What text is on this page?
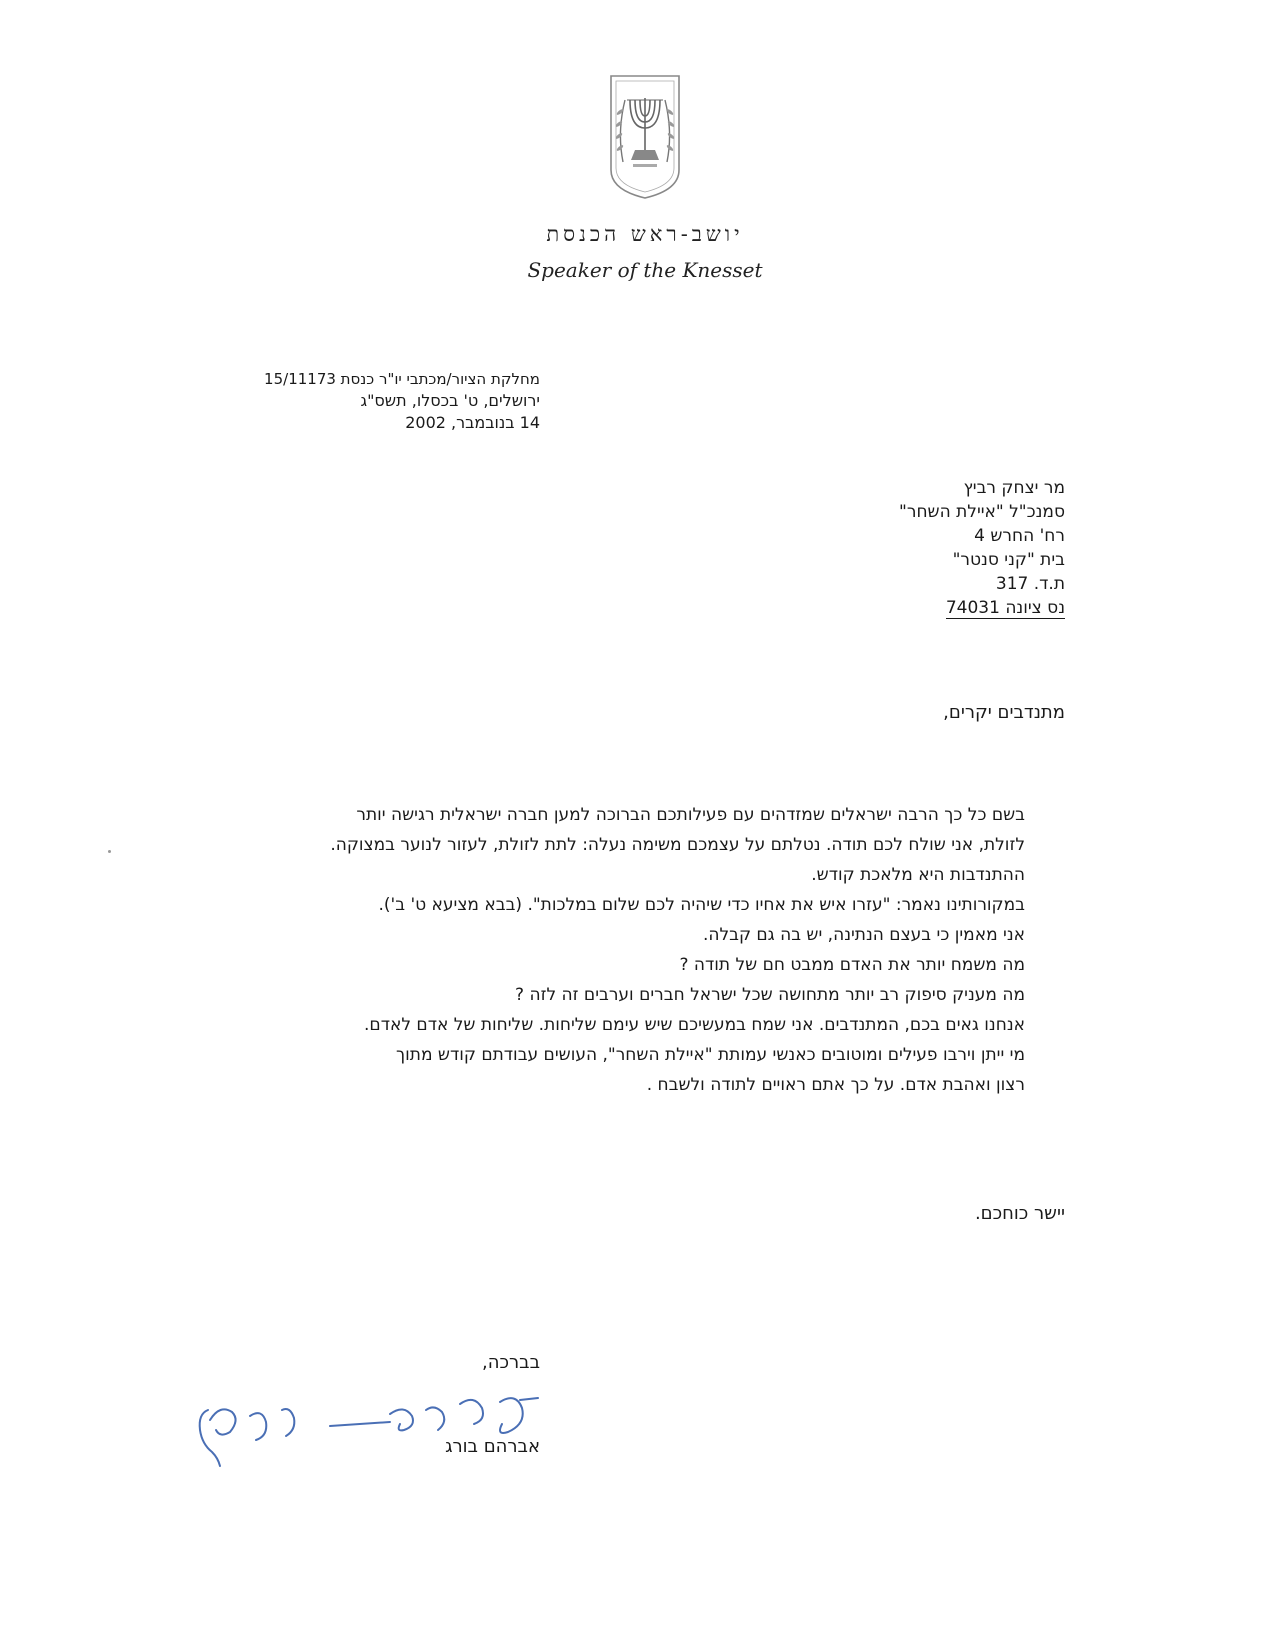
יושב-ראש הכנסת
Speaker of the Knesset
מחלקת הציור/מכתבי יו"ר כנסת 15/11173
ירושלים, ט' בכסלו, תשס"ג
14 בנובמבר, 2002
מר יצחק רביץ
סמנכ"ל "איילת השחר"
רח' החרש 4
בית "קני סנטר"
ת.ד. 317
נס ציונה 74031
מתנדבים יקרים,
בשם כל כך הרבה ישראלים שמזדהים עם פעילותכם הברוכה למען חברה ישראלית רגישה יותר
לזולת, אני שולח לכם תודה. נטלתם על עצמכם משימה נעלה: לתת לזולת, לעזור לנוער במצוקה.
ההתנדבות היא מלאכת קודש.
במקורותינו נאמר: "עזרו איש את אחיו כדי שיהיה לכם שלום במלכות". (בבא מציעא ט' ב').
אני מאמין כי בעצם הנתינה, יש בה גם קבלה.
מה משמח יותר את האדם ממבט חם של תודה ?
מה מעניק סיפוק רב יותר מתחושה שכל ישראל חברים וערבים זה לזה ?
אנחנו גאים בכם, המתנדבים. אני שמח במעשיכם שיש עימם שליחות. שליחות של אדם לאדם.
מי ייתן וירבו פעילים ומוטובים כאנשי עמותת "איילת השחר", העושים עבודתם קודש מתוך
רצון ואהבת אדם. על כך אתם ראויים לתודה ולשבח .
יישר כוחכם.
בברכה,
אברהם בורג
